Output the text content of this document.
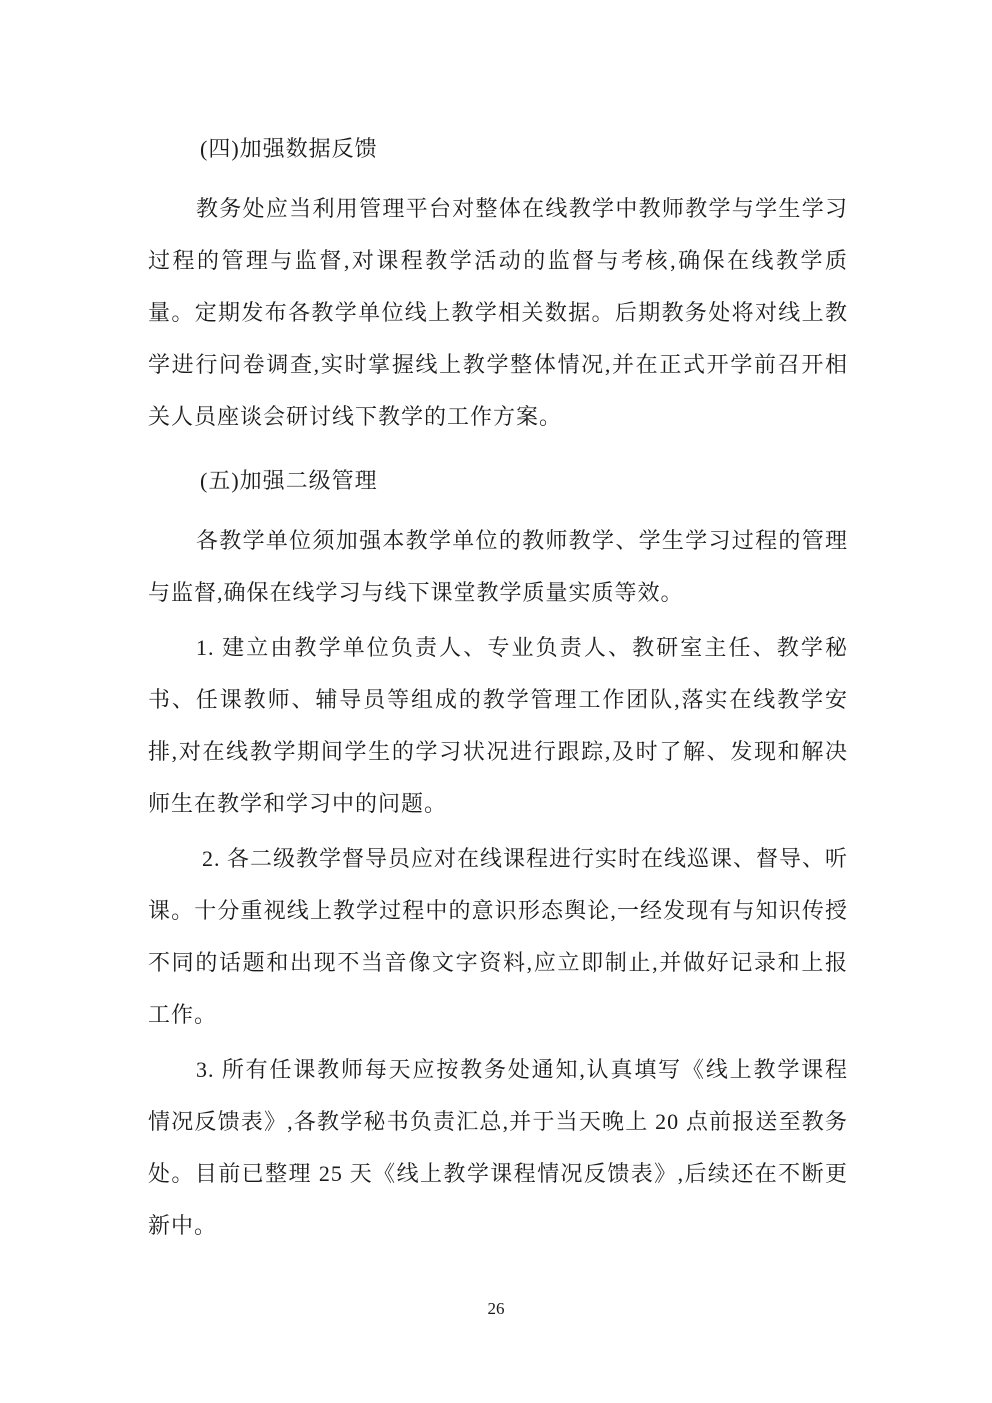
(四)加强数据反馈

教务处应当利用管理平台对整体在线教学中教师教学与学生学习过程的管理与监督,对课程教学活动的监督与考核,确保在线教学质量。定期发布各教学单位线上教学相关数据。后期教务处将对线上教学进行问卷调查,实时掌握线上教学整体情况,并在正式开学前召开相关人员座谈会研讨线下教学的工作方案。

(五)加强二级管理

各教学单位须加强本教学单位的教师教学、学生学习过程的管理与监督,确保在线学习与线下课堂教学质量实质等效。

1. 建立由教学单位负责人、专业负责人、教研室主任、教学秘书、任课教师、辅导员等组成的教学管理工作团队,落实在线教学安排,对在线教学期间学生的学习状况进行跟踪,及时了解、发现和解决师生在教学和学习中的问题。

2. 各二级教学督导员应对在线课程进行实时在线巡课、督导、听课。十分重视线上教学过程中的意识形态舆论,一经发现有与知识传授不同的话题和出现不当音像文字资料,应立即制止,并做好记录和上报工作。

3. 所有任课教师每天应按教务处通知,认真填写《线上教学课程情况反馈表》,各教学秘书负责汇总,并于当天晚上 20 点前报送至教务处。目前已整理 25 天《线上教学课程情况反馈表》,后续还在不断更新中。

26
